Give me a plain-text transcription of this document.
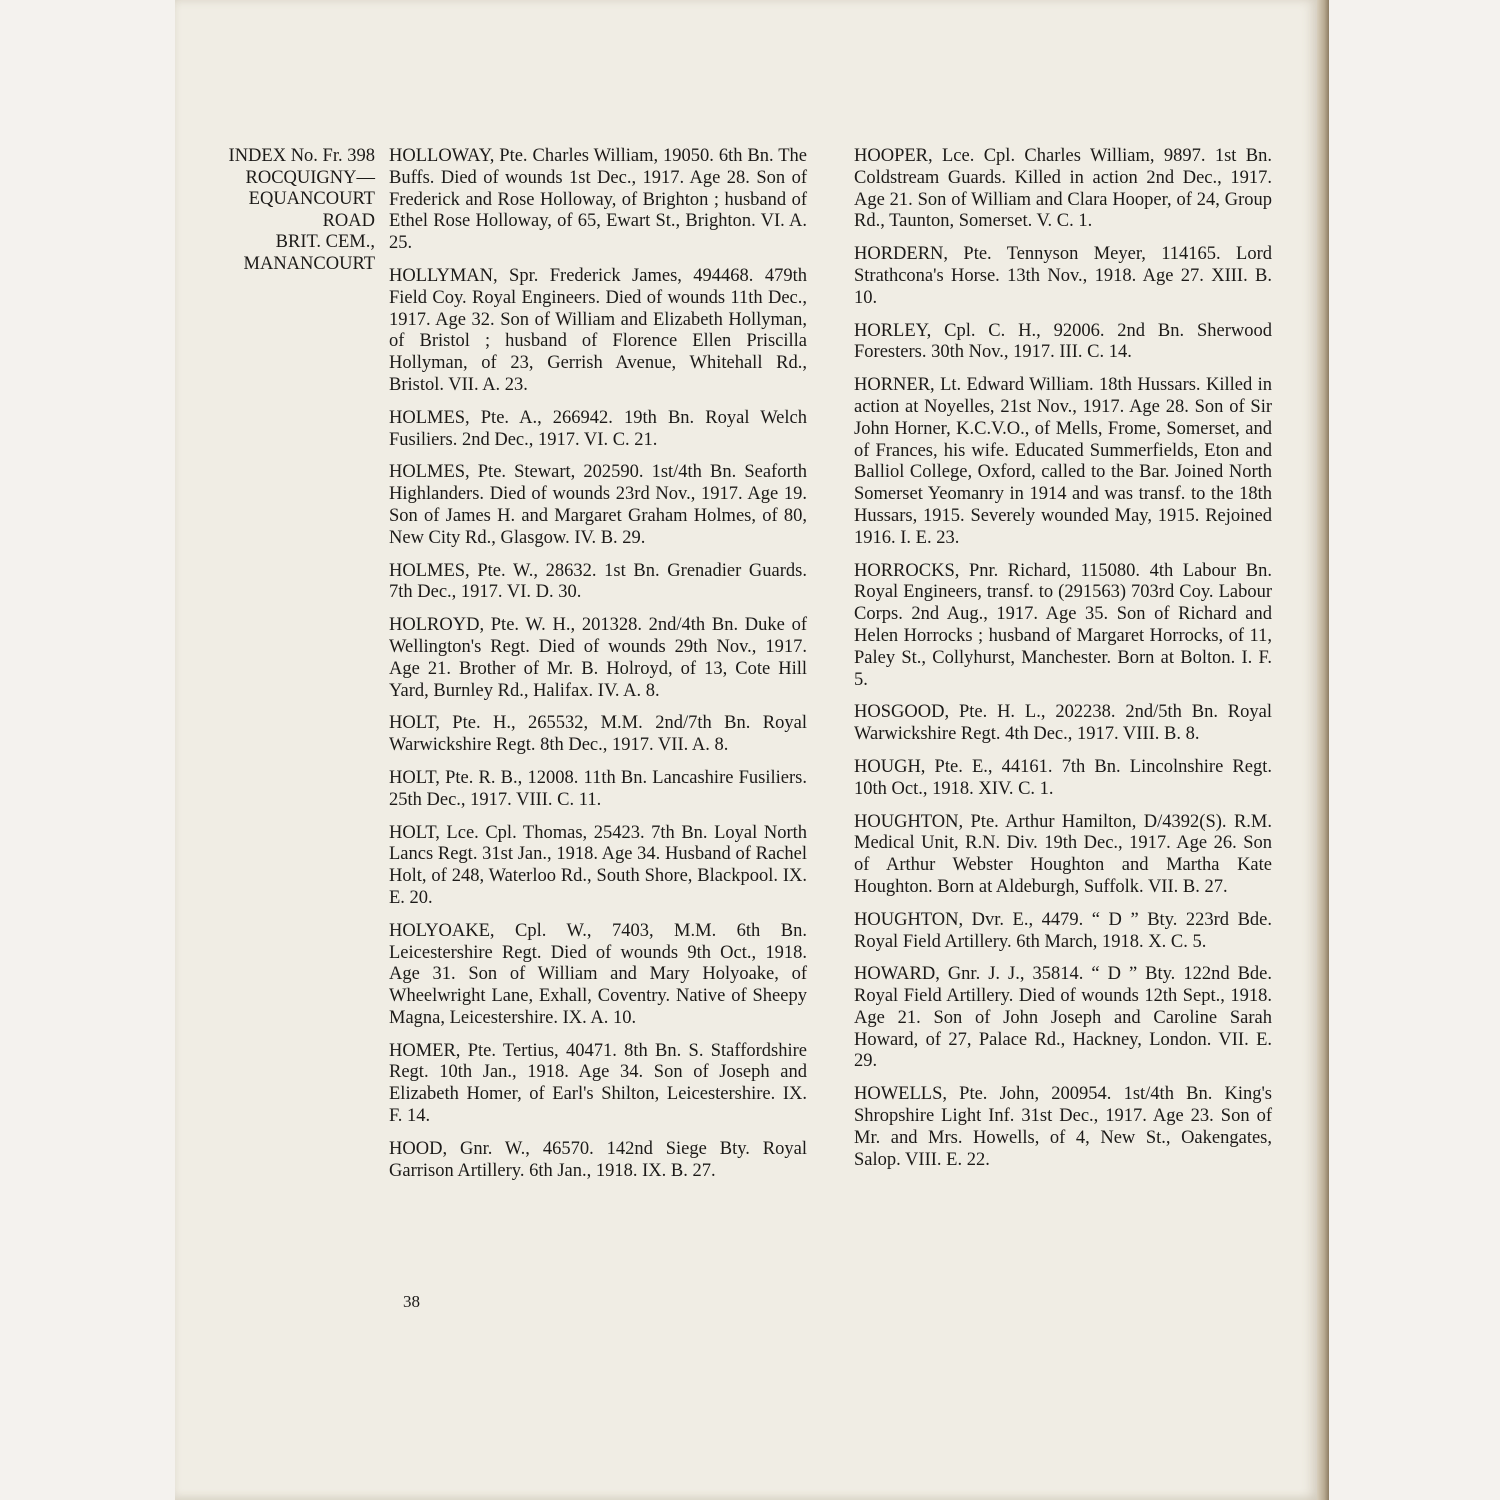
INDEX No. Fr. 398
ROCQUIGNY—
EQUANCOURT
ROAD
BRIT. CEM.,
MANANCOURT

HOLLOWAY, Pte. Charles William, 19050. 6th Bn. The Buffs. Died of wounds 1st Dec., 1917. Age 28. Son of Frederick and Rose Holloway, of Brighton ; husband of Ethel Rose Holloway, of 65, Ewart St., Brighton. VI. A. 25.

HOLLYMAN, Spr. Frederick James, 494468. 479th Field Coy. Royal Engineers. Died of wounds 11th Dec., 1917. Age 32. Son of William and Elizabeth Hollyman, of Bristol ; husband of Florence Ellen Priscilla Hollyman, of 23, Gerrish Avenue, Whitehall Rd., Bristol. VII. A. 23.

HOLMES, Pte. A., 266942. 19th Bn. Royal Welch Fusiliers. 2nd Dec., 1917. VI. C. 21.

HOLMES, Pte. Stewart, 202590. 1st/4th Bn. Seaforth Highlanders. Died of wounds 23rd Nov., 1917. Age 19. Son of James H. and Margaret Graham Holmes, of 80, New City Rd., Glasgow. IV. B. 29.

HOLMES, Pte. W., 28632. 1st Bn. Grenadier Guards. 7th Dec., 1917. VI. D. 30.

HOLROYD, Pte. W. H., 201328. 2nd/4th Bn. Duke of Wellington's Regt. Died of wounds 29th Nov., 1917. Age 21. Brother of Mr. B. Holroyd, of 13, Cote Hill Yard, Burnley Rd., Halifax. IV. A. 8.

HOLT, Pte. H., 265532, M.M. 2nd/7th Bn. Royal Warwickshire Regt. 8th Dec., 1917. VII. A. 8.

HOLT, Pte. R. B., 12008. 11th Bn. Lancashire Fusiliers. 25th Dec., 1917. VIII. C. 11.

HOLT, Lce. Cpl. Thomas, 25423. 7th Bn. Loyal North Lancs Regt. 31st Jan., 1918. Age 34. Husband of Rachel Holt, of 248, Waterloo Rd., South Shore, Blackpool. IX. E. 20.

HOLYOAKE, Cpl. W., 7403, M.M. 6th Bn. Leicestershire Regt. Died of wounds 9th Oct., 1918. Age 31. Son of William and Mary Holyoake, of Wheelwright Lane, Exhall, Coventry. Native of Sheepy Magna, Leicestershire. IX. A. 10.

HOMER, Pte. Tertius, 40471. 8th Bn. S. Staffordshire Regt. 10th Jan., 1918. Age 34. Son of Joseph and Elizabeth Homer, of Earl's Shilton, Leicestershire. IX. F. 14.

HOOD, Gnr. W., 46570. 142nd Siege Bty. Royal Garrison Artillery. 6th Jan., 1918. IX. B. 27.

HOOPER, Lce. Cpl. Charles William, 9897. 1st Bn. Coldstream Guards. Killed in action 2nd Dec., 1917. Age 21. Son of William and Clara Hooper, of 24, Group Rd., Taunton, Somerset. V. C. 1.

HORDERN, Pte. Tennyson Meyer, 114165. Lord Strathcona's Horse. 13th Nov., 1918. Age 27. XIII. B. 10.

HORLEY, Cpl. C. H., 92006. 2nd Bn. Sherwood Foresters. 30th Nov., 1917. III. C. 14.

HORNER, Lt. Edward William. 18th Hussars. Killed in action at Noyelles, 21st Nov., 1917. Age 28. Son of Sir John Horner, K.C.V.O., of Mells, Frome, Somerset, and of Frances, his wife. Educated Summerfields, Eton and Balliol College, Oxford, called to the Bar. Joined North Somerset Yeomanry in 1914 and was transf. to the 18th Hussars, 1915. Severely wounded May, 1915. Rejoined 1916. I. E. 23.

HORROCKS, Pnr. Richard, 115080. 4th Labour Bn. Royal Engineers, transf. to (291563) 703rd Coy. Labour Corps. 2nd Aug., 1917. Age 35. Son of Richard and Helen Horrocks ; husband of Margaret Horrocks, of 11, Paley St., Collyhurst, Manchester. Born at Bolton. I. F. 5.

HOSGOOD, Pte. H. L., 202238. 2nd/5th Bn. Royal Warwickshire Regt. 4th Dec., 1917. VIII. B. 8.

HOUGH, Pte. E., 44161. 7th Bn. Lincolnshire Regt. 10th Oct., 1918. XIV. C. 1.

HOUGHTON, Pte. Arthur Hamilton, D/4392(S). R.M. Medical Unit, R.N. Div. 19th Dec., 1917. Age 26. Son of Arthur Webster Houghton and Martha Kate Houghton. Born at Aldeburgh, Suffolk. VII. B. 27.

HOUGHTON, Dvr. E., 4479. “ D ” Bty. 223rd Bde. Royal Field Artillery. 6th March, 1918. X. C. 5.

HOWARD, Gnr. J. J., 35814. “ D ” Bty. 122nd Bde. Royal Field Artillery. Died of wounds 12th Sept., 1918. Age 21. Son of John Joseph and Caroline Sarah Howard, of 27, Palace Rd., Hackney, London. VII. E. 29.

HOWELLS, Pte. John, 200954. 1st/4th Bn. King's Shropshire Light Inf. 31st Dec., 1917. Age 23. Son of Mr. and Mrs. Howells, of 4, New St., Oakengates, Salop. VIII. E. 22.

38
